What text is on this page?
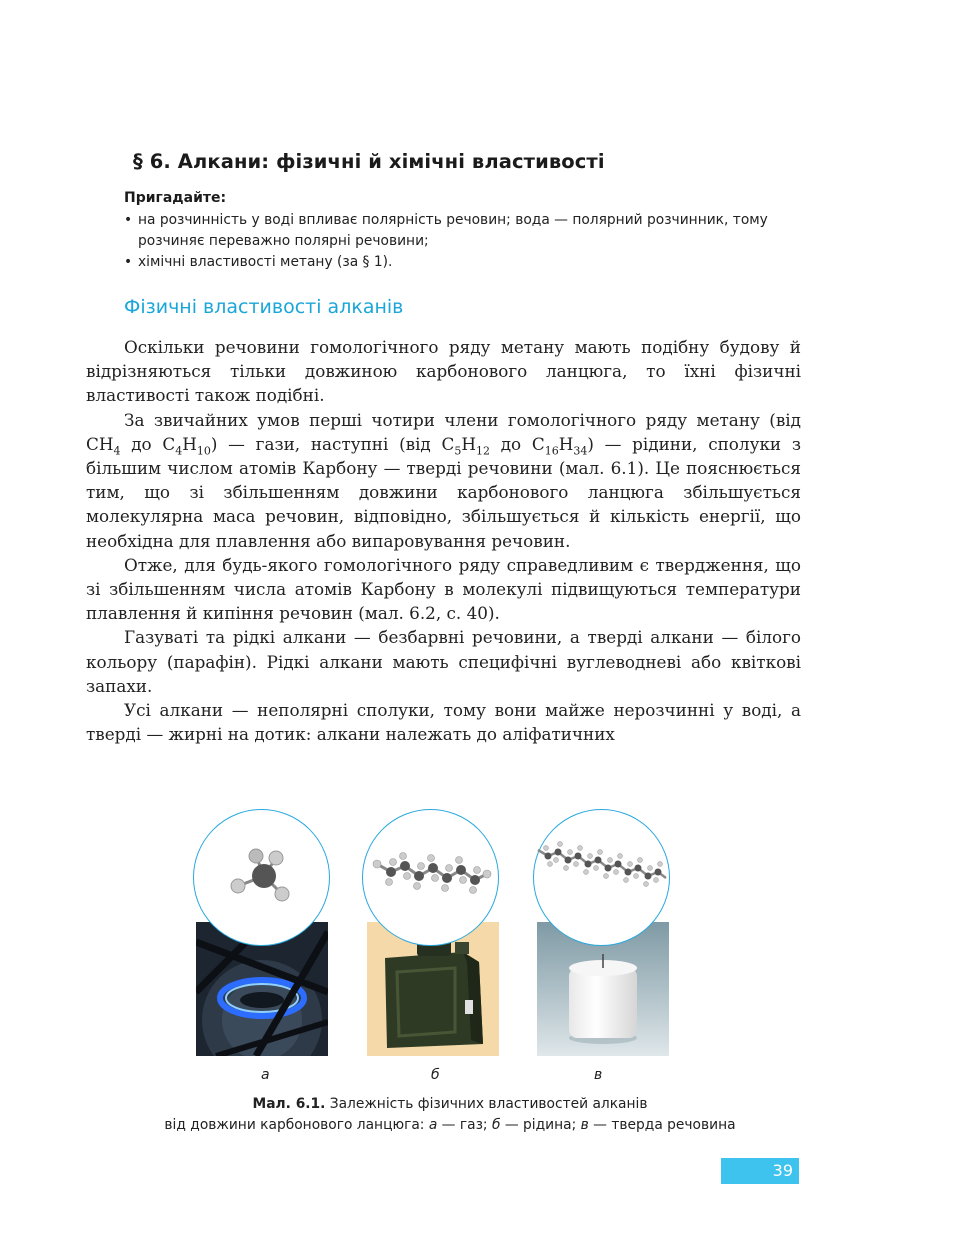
§ 6. Алкани: фізичні й хімічні властивості
Пригадайте:
• на розчинність у воді впливає полярність речовин; вода — полярний розчинник, тому розчиняє переважно полярні речовини;
• хімічні властивості метану (за § 1).
Фізичні властивості алканів

Оскільки речовини гомологічного ряду метану мають подібну будову й відрізняються тільки довжиною карбонового ланцюга, то їхні фізичні властивості також подібні.

За звичайних умов перші чотири члени гомологічного ряду метану (від $CH_4$ до $C_4H_{10}$) — гази, наступні (від $C_5H_{12}$ до $C_{16}H_{34}$) — рідини, сполуки з більшим числом атомів Карбону — тверді речовини (мал. 6.1). Це пояснюється тим, що зі збільшенням довжини карбонового ланцюга збільшується молекулярна маса речовин, відповідно, збільшується й кількість енергії, що необхідна для плавлення або випаровування речовин.

Отже, для будь-якого гомологічного ряду справедливим є твердження, що зі збільшенням числа атомів Карбону в молекулі підвищуються температури плавлення й кипіння речовин (мал. 6.2, с. 40).

Газуваті та рідкі алкани — безбарвні речовини, а тверді алкани — білого кольору (парафін). Рідкі алкани мають специфічні вуглеводневі або квіткові запахи.

Усі алкани — неполярні сполуки, тому вони майже нерозчинні у воді, а тверді — жирні на дотик: алкани належать до аліфатичних

а	б	в
Мал. 6.1. Залежність фізичних властивостей алканів
від довжини карбонового ланцюга: а — газ; б — рідина; в — тверда речовина
39
